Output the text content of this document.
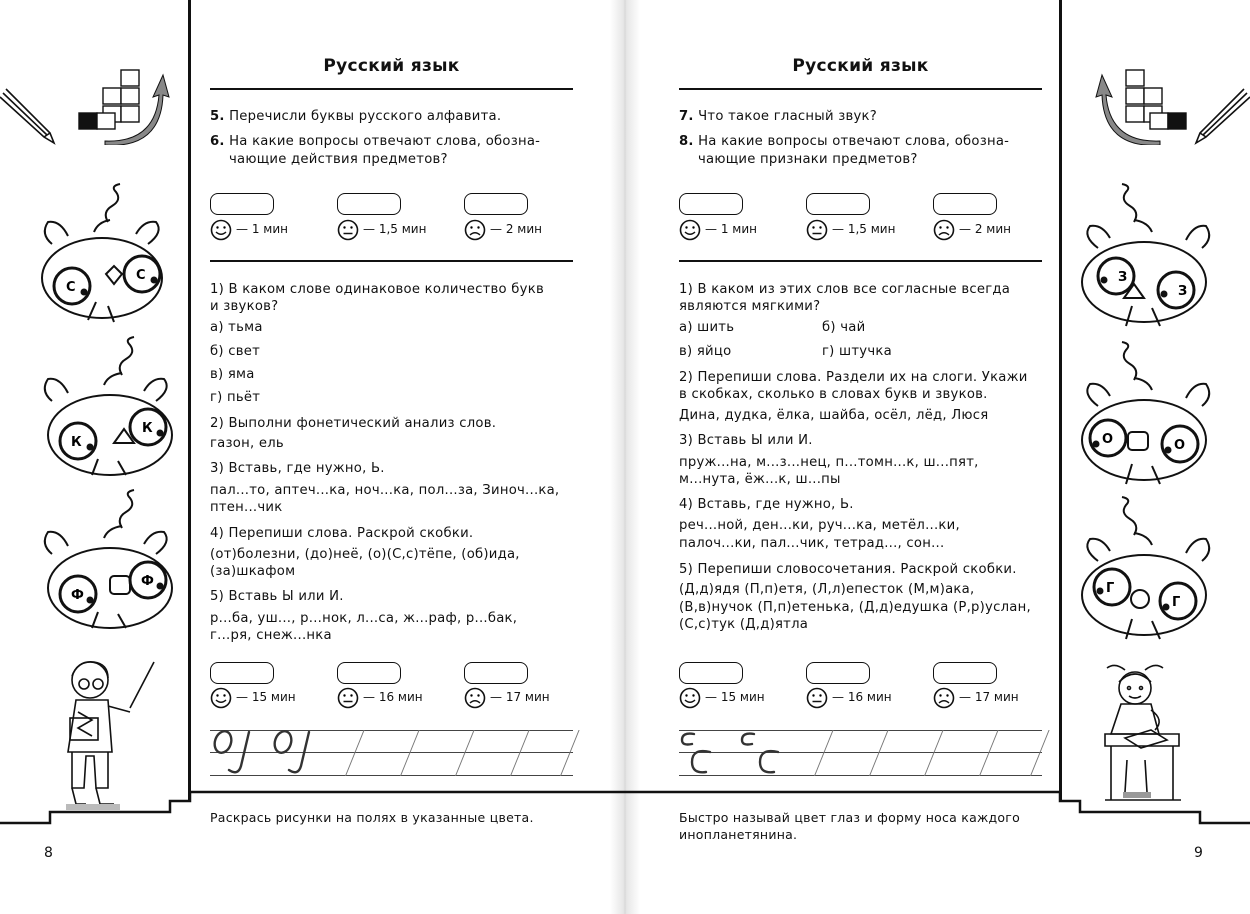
Русский язык
5. Перечисли буквы русского алфавита.
6. На какие вопросы отвечают слова, обозна-
чающие действия предметов?
— 1 мин	— 1,5 мин	— 2 мин
1) В каком слове одинаковое количество букв
и звуков?
а) тьма
б) свет
в) яма
г) пьёт
2) Выполни фонетический анализ слов.
газон, ель
3) Вставь, где нужно, Ь.
пал...то, аптеч...ка, ноч...ка, пол...за, Зиноч...ка,
птен...чик
4) Перепиши слова. Раскрой скобки.
(от)болезни, (до)неё, (о)(С,с)тёпе, (об)ида,
(за)шкафом
5) Вставь Ы или И.
р...ба, уш..., р...нок, л...са, ж...раф, р...бак,
г...ря, снеж...нка
— 15 мин	— 16 мин	— 17 мин
Раскрась рисунки на полях в указанные цвета.
8
С
С
К
К
Ф
Ф
Русский язык
7. Что такое гласный звук?
8. На какие вопросы отвечают слова, обозна-
чающие признаки предметов?
— 1 мин	— 1,5 мин	— 2 мин
1) В каком из этих слов все согласные всегда
являются мягкими?
а) шить	б) чай
в) яйцо	г) штучка
2) Перепиши слова. Раздели их на слоги. Укажи
в скобках, сколько в словах букв и звуков.
Дина, дудка, ёлка, шайба, осёл, лёд, Люся
3) Вставь Ы или И.
пруж...на, м...з...нец, п...томн...к, ш...пят,
м...нута, ёж...к, ш...пы
4) Вставь, где нужно, Ь.
реч...ной, ден...ки, руч...ка, метёл...ки,
палоч...ки, пал...чик, тетрад..., сон...
5) Перепиши словосочетания. Раскрой скобки.
(Д,д)ядя (П,п)етя, (Л,л)епесток (М,м)ака,
(В,в)нучок (П,п)етенька, (Д,д)едушка (Р,р)услан,
(С,с)тук (Д,д)ятла
— 15 мин	— 16 мин	— 17 мин
Быстро называй цвет глаз и форму носа каждого
инопланетянина.
9
З
З
О	О
Г
Г
